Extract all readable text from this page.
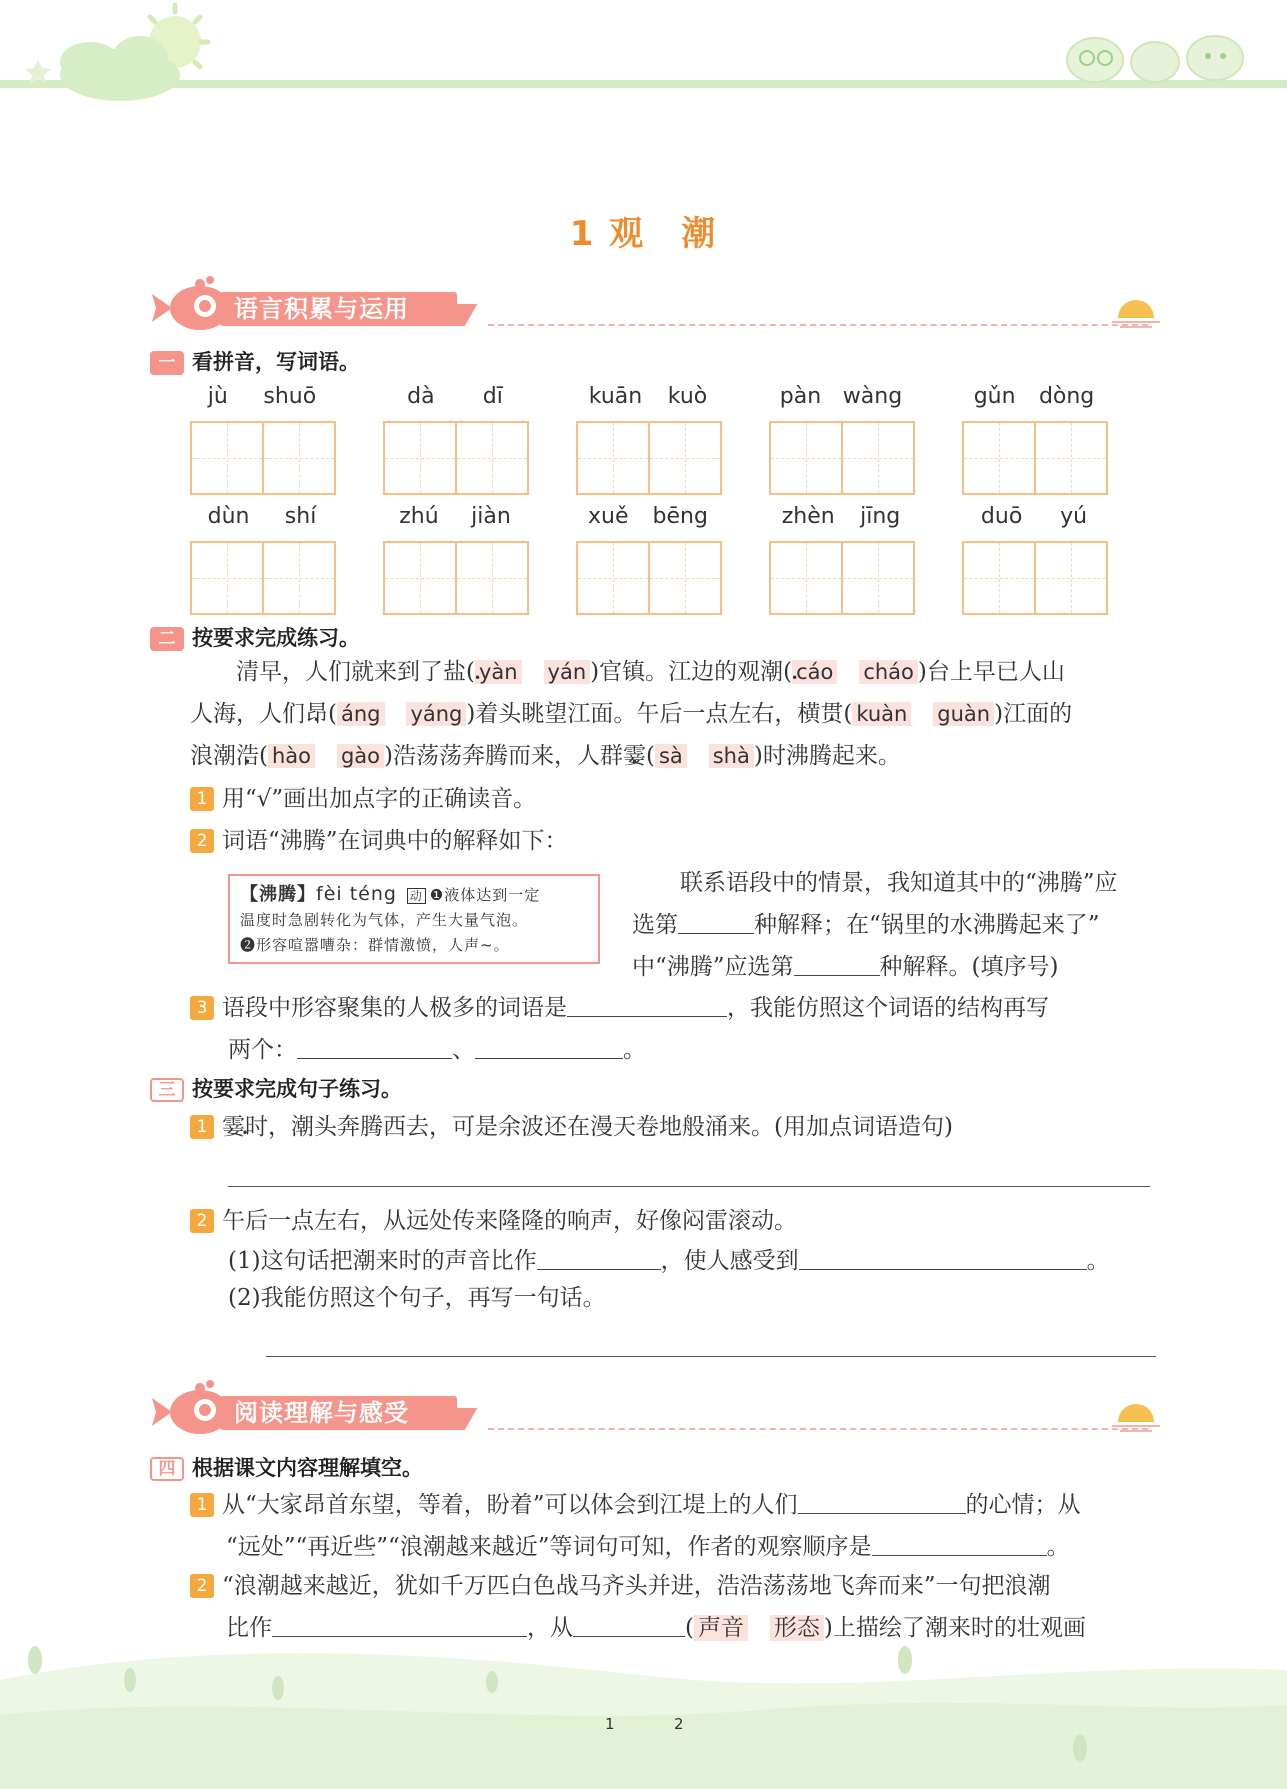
1 观 潮
语言积累与运用
一 看拼音，写词语。
jù shuō	dà dī	kuān kuò	pàn wàng	gǔn dòng
dùn shí	zhú jiàn	xuě bēng	zhèn jīng	duō yú
二 按要求完成练习。
清早，人们就来到了盐 •( yàn yán )官镇。江边的观潮 •( cáo cháo )台上早已人山
人海，人们昂 •( áng yáng )着头眺望江面。午后一点左右，横贯 •( kuàn guàn )江面的
浪潮浩 •( hào gào )浩荡荡奔腾而来，人群霎 •( sà shà )时沸腾起来。
1 用“√”画出加点字的正确读音。
2 词语“沸腾”在词典中的解释如下：
【沸腾】fèi téng 动 ❶液体达到一定
温度时急剧转化为气体，产生大量气泡。
❷形容喧嚣嘈杂：群情激愤，人声~。
联系语段中的情景，我知道其中的“沸腾”应
选第	种解释；在“锅里的水沸腾起来了”
中“沸腾”应选第	种解释。(填序号)
3 语段中形容聚集的人极多的词语是	，我能仿照这个词语的结构再写
两个：	、	。
三 按要求完成句子练习。
1 霎时 •，潮头奔腾西去，可是余波还在漫天卷地般涌来。(用加点词语造句)
2 午后一点左右，从远处传来隆隆的响声，好像闷雷滚动。
(1)这句话把潮来时的声音比作	，使人感受到	。
(2)我能仿照这个句子，再写一句话。
阅读理解与感受
四 根据课文内容理解填空。
1 从“大家昂首东望，等着，盼着”可以体会到江堤上的人们	的心情；从
“远处”“再近些”“浪潮越来越近”等词句可知，作者的观察顺序是	。
2 “浪潮越来越近，犹如千万匹白色战马齐头并进，浩浩荡荡地飞奔而来”一句把浪潮
比作	，从	( 声音 形态 )上描绘了潮来时的壮观画
1	2
